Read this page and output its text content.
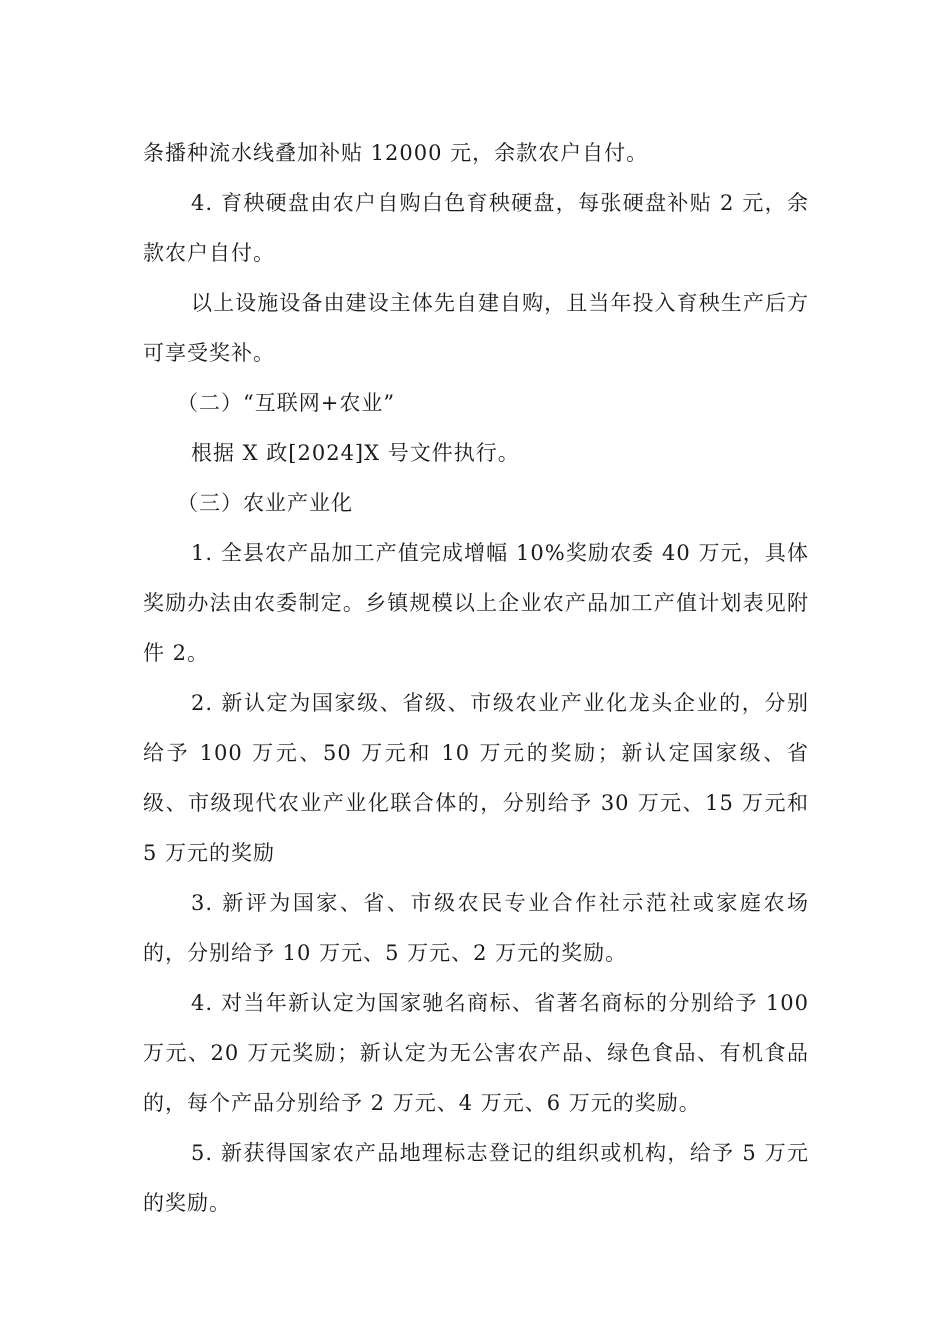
条播种流水线叠加补贴 12000 元，余款农户自付。

4. 育秧硬盘由农户自购白色育秧硬盘，每张硬盘补贴 2 元，余款农户自付。

以上设施设备由建设主体先自建自购，且当年投入育秧生产后方可享受奖补。

（二）“互联网+农业”

根据 X 政[2024]X 号文件执行。

（三）农业产业化

1. 全县农产品加工产值完成增幅 10%奖励农委 40 万元，具体奖励办法由农委制定。乡镇规模以上企业农产品加工产值计划表见附件 2。

2. 新认定为国家级、省级、市级农业产业化龙头企业的，分别给予 100 万元、50 万元和 10 万元的奖励；新认定国家级、省级、市级现代农业产业化联合体的，分别给予 30 万元、15 万元和 5 万元的奖励

3. 新评为国家、省、市级农民专业合作社示范社或家庭农场的，分别给予 10 万元、5 万元、2 万元的奖励。

4. 对当年新认定为国家驰名商标、省著名商标的分别给予 100 万元、20 万元奖励；新认定为无公害农产品、绿色食品、有机食品的，每个产品分别给予 2 万元、4 万元、6 万元的奖励。

5. 新获得国家农产品地理标志登记的组织或机构，给予 5 万元的奖励。
